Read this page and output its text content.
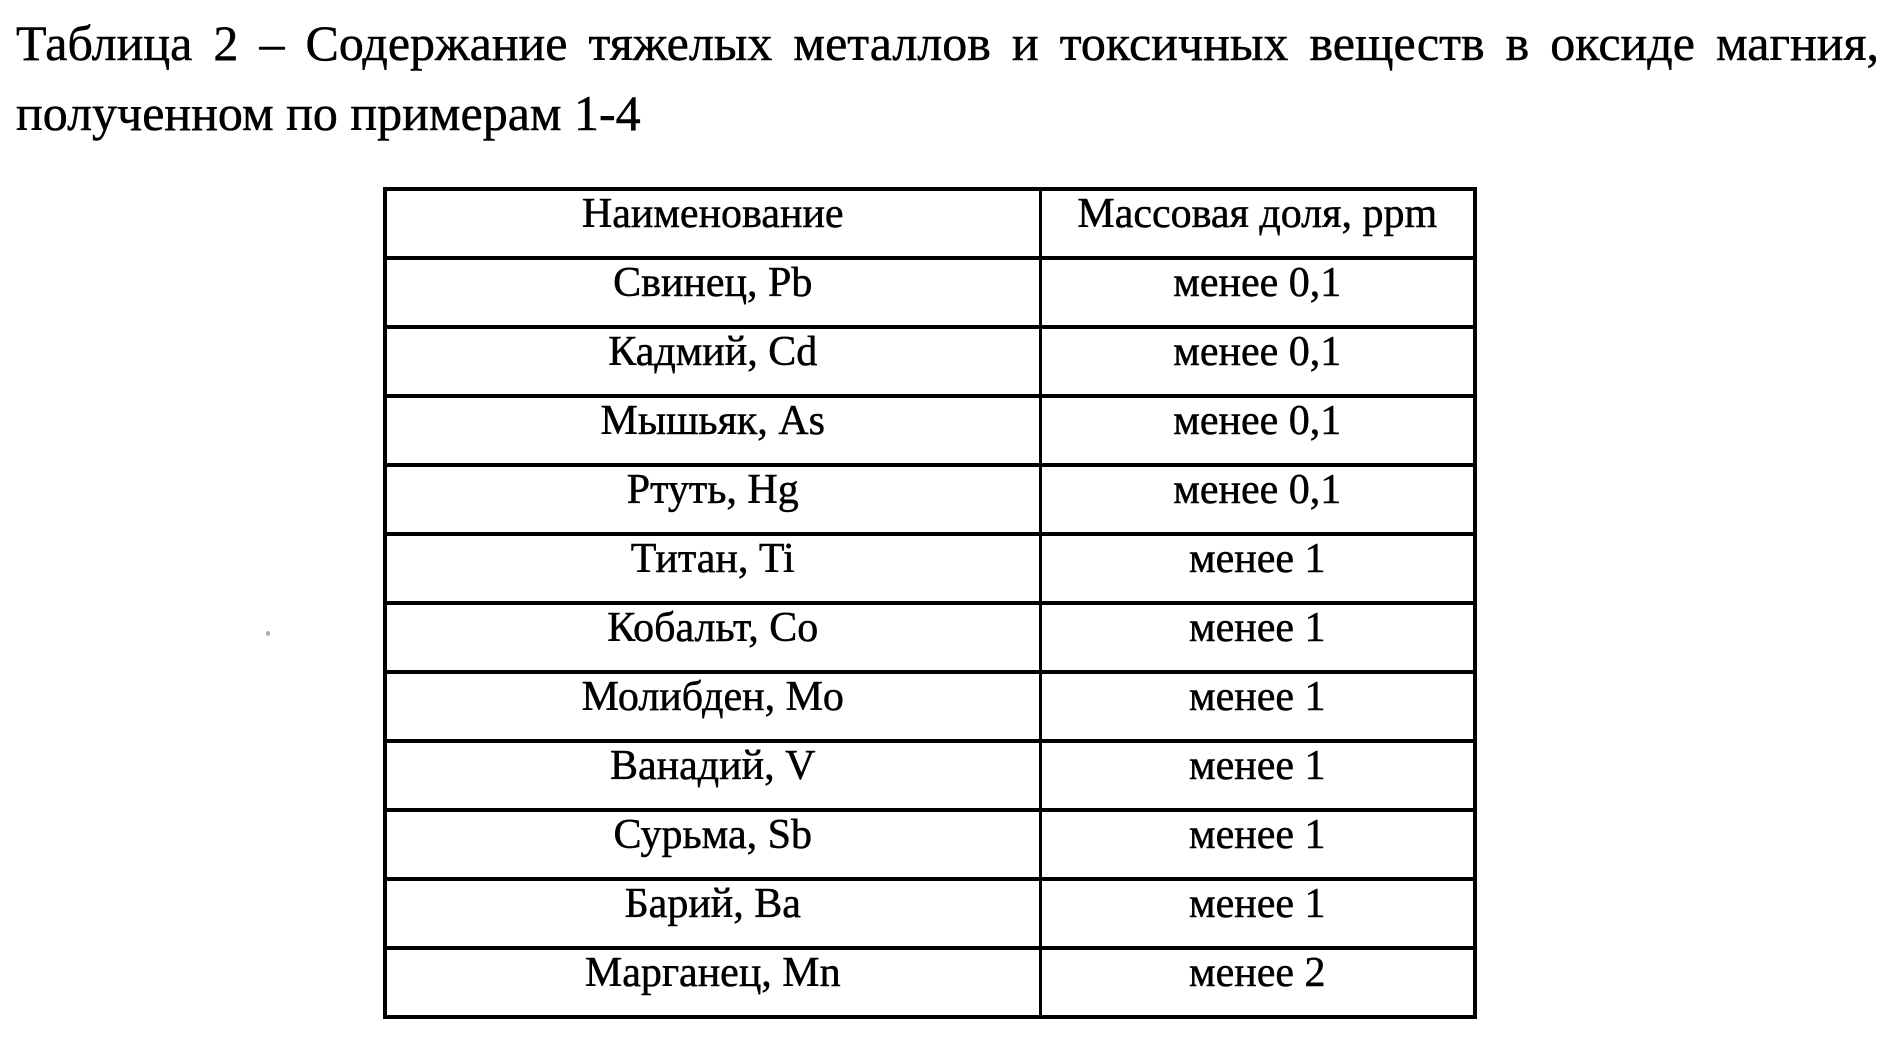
Таблица 2 – Содержание тяжелых металлов и токсичных веществ в оксиде магния,
полученном по примерам 1-4
Наименование	Массовая доля, ppm
Свинец, Pb	менее 0,1
Кадмий, Cd	менее 0,1
Мышьяк, As	менее 0,1
Ртуть, Hg	менее 0,1
Титан, Ti	менее 1
Кобальт, Co	менее 1
Молибден, Mo	менее 1
Ванадий, V	менее 1
Сурьма, Sb	менее 1
Барий, Ba	менее 1
Марганец, Mn	менее 2
